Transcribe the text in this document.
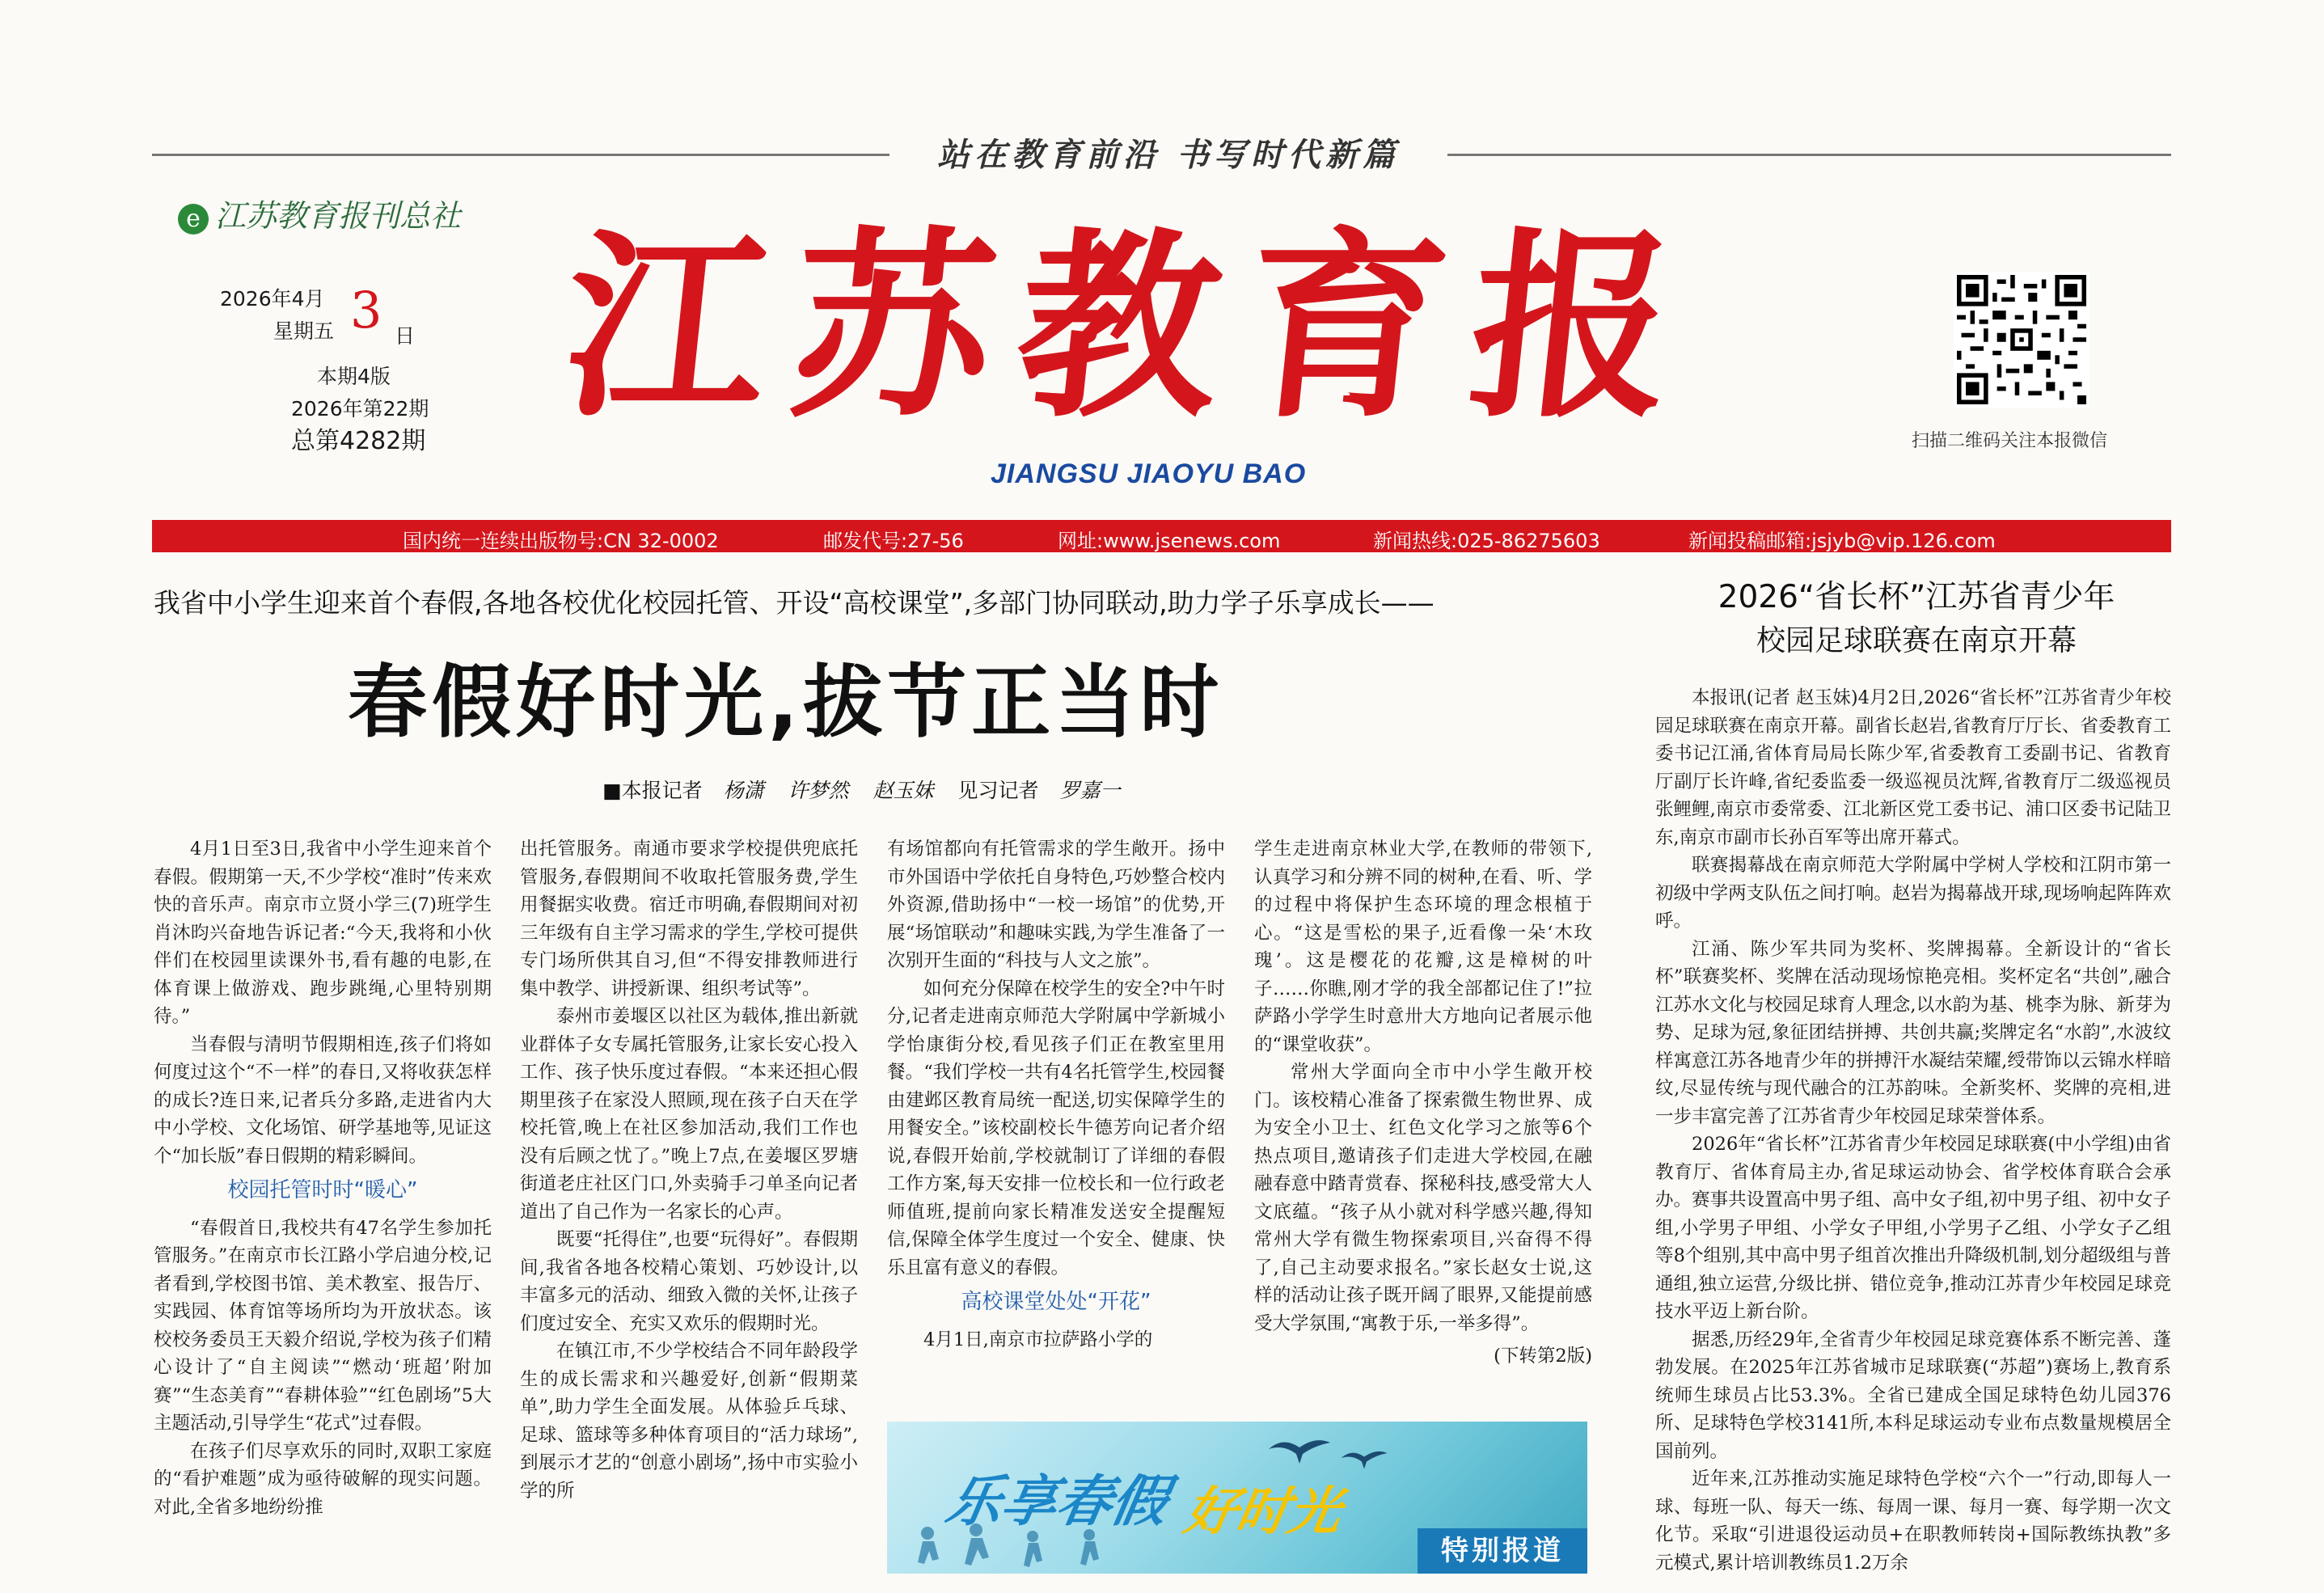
站在教育前沿 书写时代新篇
e 江苏教育报刊总社
2026年4月
星期五 3 日
本期4版
2026年第22期
总第4282期 江苏教育报
JIANGSU JIAOYU BAO
扫描二维码关注本报微信
国内统一连续出版物号:CN 32-0002	邮发代号:27-56	网址:www.jsenews.com	新闻热线:025-86275603	新闻投稿邮箱:jsjyb@vip.126.com
我省中小学生迎来首个春假,各地各校优化校园托管、开设“高校课堂”,多部门协同联动,助力学子乐享成长——
春假好时光,拔节正当时
■本报记者 杨潇 许梦然 赵玉妹 见习记者 罗嘉一

4月1日至3日,我省中小学生迎来首个春假。假期第一天,不少学校“准时”传来欢快的音乐声。南京市立贤小学三(7)班学生肖沐昀兴奋地告诉记者:“今天,我将和小伙伴们在校园里读课外书,看有趣的电影,在体育课上做游戏、跑步跳绳,心里特别期待。”

当春假与清明节假期相连,孩子们将如何度过这个“不一样”的春日,又将收获怎样的成长?连日来,记者兵分多路,走进省内大中小学校、文化场馆、研学基地等,见证这个“加长版”春日假期的精彩瞬间。

校园托管时时“暖心”

“春假首日,我校共有47名学生参加托管服务。”在南京市长江路小学启迪分校,记者看到,学校图书馆、美术教室、报告厅、实践园、体育馆等场所均为开放状态。该校校务委员王天毅介绍说,学校为孩子们精心设计了“自主阅读”“燃动‘班超’附加赛”“生态美育”“春耕体验”“红色剧场”5大主题活动,引导学生“花式”过春假。

在孩子们尽享欢乐的同时,双职工家庭的“看护难题”成为亟待破解的现实问题。对此,全省多地纷纷推

出托管服务。南通市要求学校提供兜底托管服务,春假期间不收取托管服务费,学生用餐据实收费。宿迁市明确,春假期间对初三年级有自主学习需求的学生,学校可提供专门场所供其自习,但“不得安排教师进行集中教学、讲授新课、组织考试等”。

泰州市姜堰区以社区为载体,推出新就业群体子女专属托管服务,让家长安心投入工作、孩子快乐度过春假。“本来还担心假期里孩子在家没人照顾,现在孩子白天在学校托管,晚上在社区参加活动,我们工作也没有后顾之忧了。”晚上7点,在姜堰区罗塘街道老庄社区门口,外卖骑手刁单圣向记者道出了自己作为一名家长的心声。

既要“托得住”,也要“玩得好”。春假期间,我省各地各校精心策划、巧妙设计,以丰富多元的活动、细致入微的关怀,让孩子们度过安全、充实又欢乐的假期时光。

在镇江市,不少学校结合不同年龄段学生的成长需求和兴趣爱好,创新“假期菜单”,助力学生全面发展。从体验乒乓球、足球、篮球等多种体育项目的“活力球场”,到展示才艺的“创意小剧场”,扬中市实验小学的所

有场馆都向有托管需求的学生敞开。扬中市外国语中学依托自身特色,巧妙整合校内外资源,借助扬中“一校一场馆”的优势,开展“场馆联动”和趣味实践,为学生准备了一次别开生面的“科技与人文之旅”。

如何充分保障在校学生的安全?中午时分,记者走进南京师范大学附属中学新城小学怡康街分校,看见孩子们正在教室里用餐。“我们学校一共有4名托管学生,校园餐由建邺区教育局统一配送,切实保障学生的用餐安全。”该校副校长牛德芳向记者介绍说,春假开始前,学校就制订了详细的春假工作方案,每天安排一位校长和一位行政老师值班,提前向家长精准发送安全提醒短信,保障全体学生度过一个安全、健康、快乐且富有意义的春假。

高校课堂处处“开花”

4月1日,南京市拉萨路小学的

学生走进南京林业大学,在教师的带领下,认真学习和分辨不同的树种,在看、听、学的过程中将保护生态环境的理念根植于心。“这是雪松的果子,近看像一朵‘木玫瑰’。这是樱花的花瓣,这是樟树的叶子……你瞧,刚才学的我全部都记住了!”拉萨路小学学生时意卅大方地向记者展示他的“课堂收获”。

常州大学面向全市中小学生敞开校门。该校精心准备了探索微生物世界、成为安全小卫士、红色文化学习之旅等6个热点项目,邀请孩子们走进大学校园,在融融春意中踏青赏春、探秘科技,感受常大人文底蕴。“孩子从小就对科学感兴趣,得知常州大学有微生物探索项目,兴奋得不得了,自己主动要求报名。”家长赵女士说,这样的活动让孩子既开阔了眼界,又能提前感受大学氛围,“寓教于乐,一举多得”。

(下转第2版)

乐享春假 好时光
特别报道
2026“省长杯”江苏省青少年
校园足球联赛在南京开幕

本报讯(记者 赵玉妹)4月2日,2026“省长杯”江苏省青少年校园足球联赛在南京开幕。副省长赵岩,省教育厅厅长、省委教育工委书记江涌,省体育局局长陈少军,省委教育工委副书记、省教育厅副厅长许峰,省纪委监委一级巡视员沈辉,省教育厅二级巡视员张鲤鲤,南京市委常委、江北新区党工委书记、浦口区委书记陆卫东,南京市副市长孙百军等出席开幕式。

联赛揭幕战在南京师范大学附属中学树人学校和江阴市第一初级中学两支队伍之间打响。赵岩为揭幕战开球,现场响起阵阵欢呼。

江涌、陈少军共同为奖杯、奖牌揭幕。全新设计的“省长杯”联赛奖杯、奖牌在活动现场惊艳亮相。奖杯定名“共创”,融合江苏水文化与校园足球育人理念,以水韵为基、桃李为脉、新芽为势、足球为冠,象征团结拼搏、共创共赢;奖牌定名“水韵”,水波纹样寓意江苏各地青少年的拼搏汗水凝结荣耀,绶带饰以云锦水样暗纹,尽显传统与现代融合的江苏韵味。全新奖杯、奖牌的亮相,进一步丰富完善了江苏省青少年校园足球荣誉体系。

2026年“省长杯”江苏省青少年校园足球联赛(中小学组)由省教育厅、省体育局主办,省足球运动协会、省学校体育联合会承办。赛事共设置高中男子组、高中女子组,初中男子组、初中女子组,小学男子甲组、小学女子甲组,小学男子乙组、小学女子乙组等8个组别,其中高中男子组首次推出升降级机制,划分超级组与普通组,独立运营,分级比拼、错位竞争,推动江苏青少年校园足球竞技水平迈上新台阶。

据悉,历经29年,全省青少年校园足球竞赛体系不断完善、蓬勃发展。在2025年江苏省城市足球联赛(“苏超”)赛场上,教育系统师生球员占比53.3%。全省已建成全国足球特色幼儿园376所、足球特色学校3141所,本科足球运动专业布点数量规模居全国前列。

近年来,江苏推动实施足球特色学校“六个一”行动,即每人一球、每班一队、每天一练、每周一课、每月一赛、每学期一次文化节。采取“引进退役运动员+在职教师转岗+国际教练执教”多元模式,累计培训教练员1.2万余
